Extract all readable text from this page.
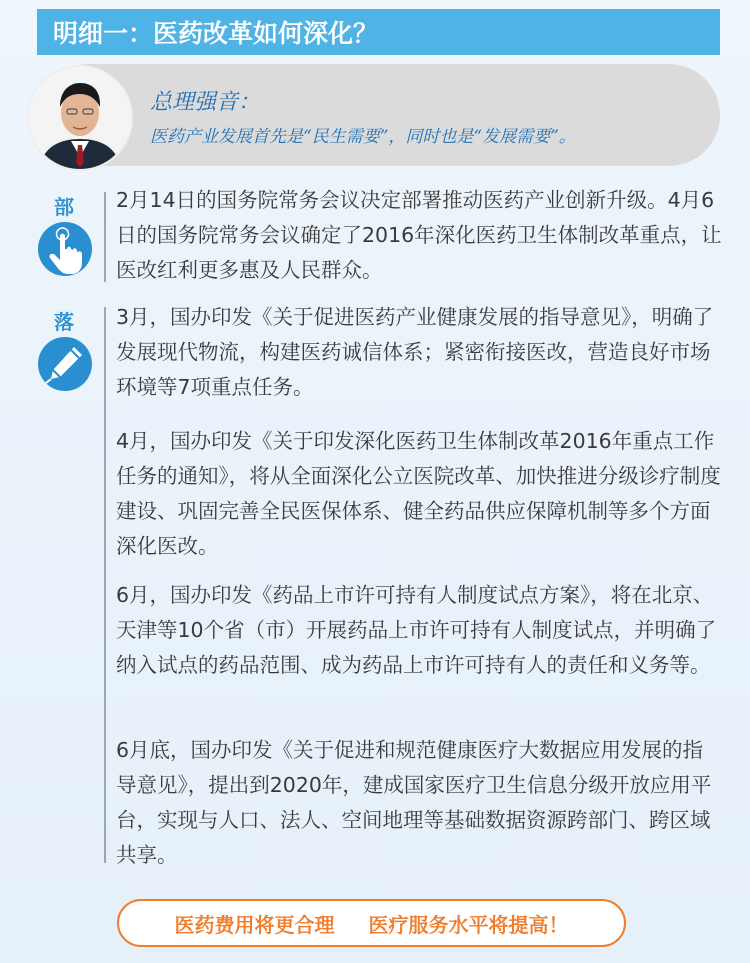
明细一：医药改革如何深化？
总理强音：
医药产业发展首先是“民生需要”，同时也是“发展需要”。
部	2月14日的国务院常务会议决定部署推动医药产业创新升级。4月6日的国务院常务会议确定了2016年深化医药卫生体制改革重点，让医改红利更多惠及人民群众。

落	3月，国办印发《关于促进医药产业健康发展的指导意见》，明确了发展现代物流，构建医药诚信体系；紧密衔接医改，营造良好市场环境等7项重点任务。

4月，国办印发《关于印发深化医药卫生体制改革2016年重点工作任务的通知》，将从全面深化公立医院改革、加快推进分级诊疗制度建设、巩固完善全民医保体系、健全药品供应保障机制等多个方面深化医改。

6月，国办印发《药品上市许可持有人制度试点方案》，将在北京、天津等10个省（市）开展药品上市许可持有人制度试点，并明确了纳入试点的药品范围、成为药品上市许可持有人的责任和义务等。

6月底，国办印发《关于促进和规范健康医疗大数据应用发展的指导意见》，提出到2020年，建成国家医疗卫生信息分级开放应用平台，实现与人口、法人、空间地理等基础数据资源跨部门、跨区域共享。

医药费用将更合理 医疗服务水平将提高！
